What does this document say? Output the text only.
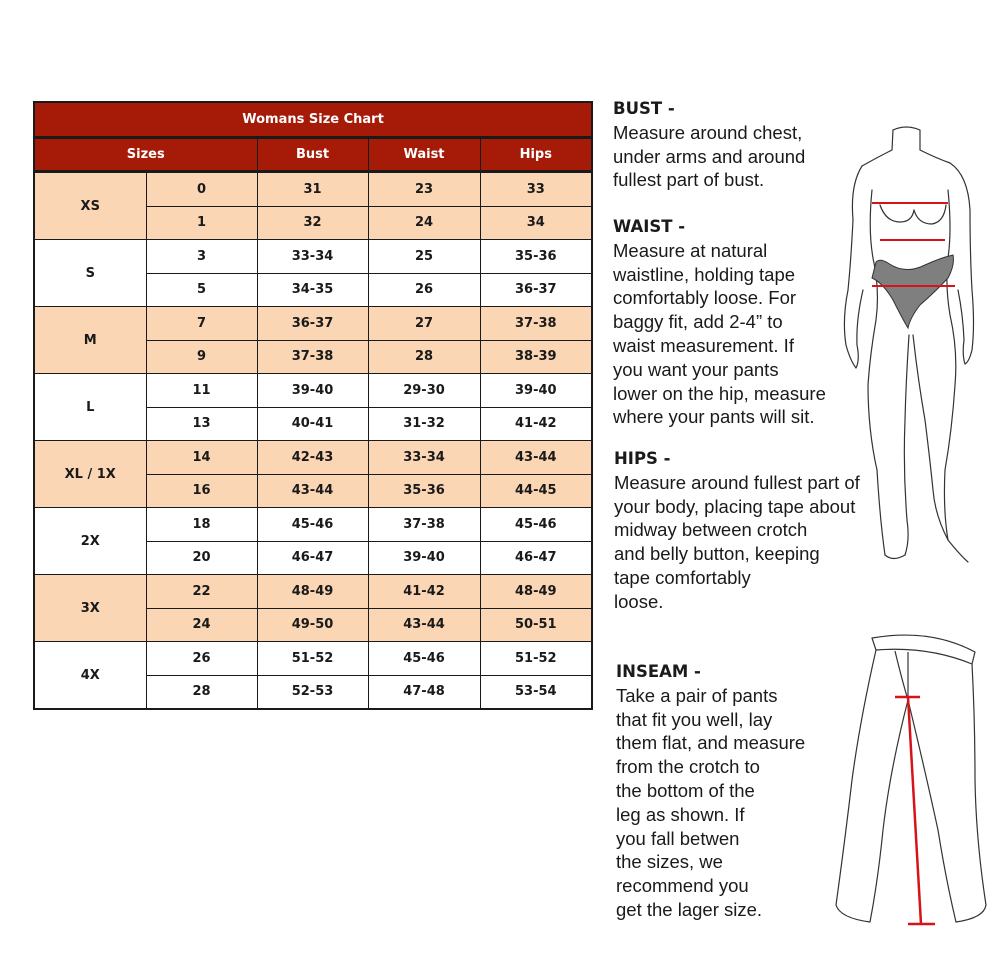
Womans Size Chart				
Sizes		Bust	Waist	Hips
XS	0	31	23	33
	1	32	24	34
S	3	33-34	25	35-36
	5	34-35	26	36-37
M	7	36-37	27	37-38
	9	37-38	28	38-39
L	11	39-40	29-30	39-40
	13	40-41	31-32	41-42
XL / 1X	14	42-43	33-34	43-44
	16	43-44	35-36	44-45
2X	18	45-46	37-38	45-46
	20	46-47	39-40	46-47
3X	22	48-49	41-42	48-49
	24	49-50	43-44	50-51
4X	26	51-52	45-46	51-52
	28	52-53	47-48	53-54
BUST -
Measure around chest,
under arms and around
fullest part of bust.
WAIST -
Measure at natural
waistline, holding tape
comfortably loose. For
baggy fit, add 2-4” to
waist measurement. If
you want your pants
lower on the hip, measure
where your pants will sit.
HIPS -
Measure around fullest part of
your body, placing tape about
midway between crotch
and belly button, keeping
tape comfortably
loose.
INSEAM -
Take a pair of pants
that fit you well, lay
them flat, and measure
from the crotch to
the bottom of the
leg as shown. If
you fall betwen
the sizes, we
recommend you
get the lager size.
